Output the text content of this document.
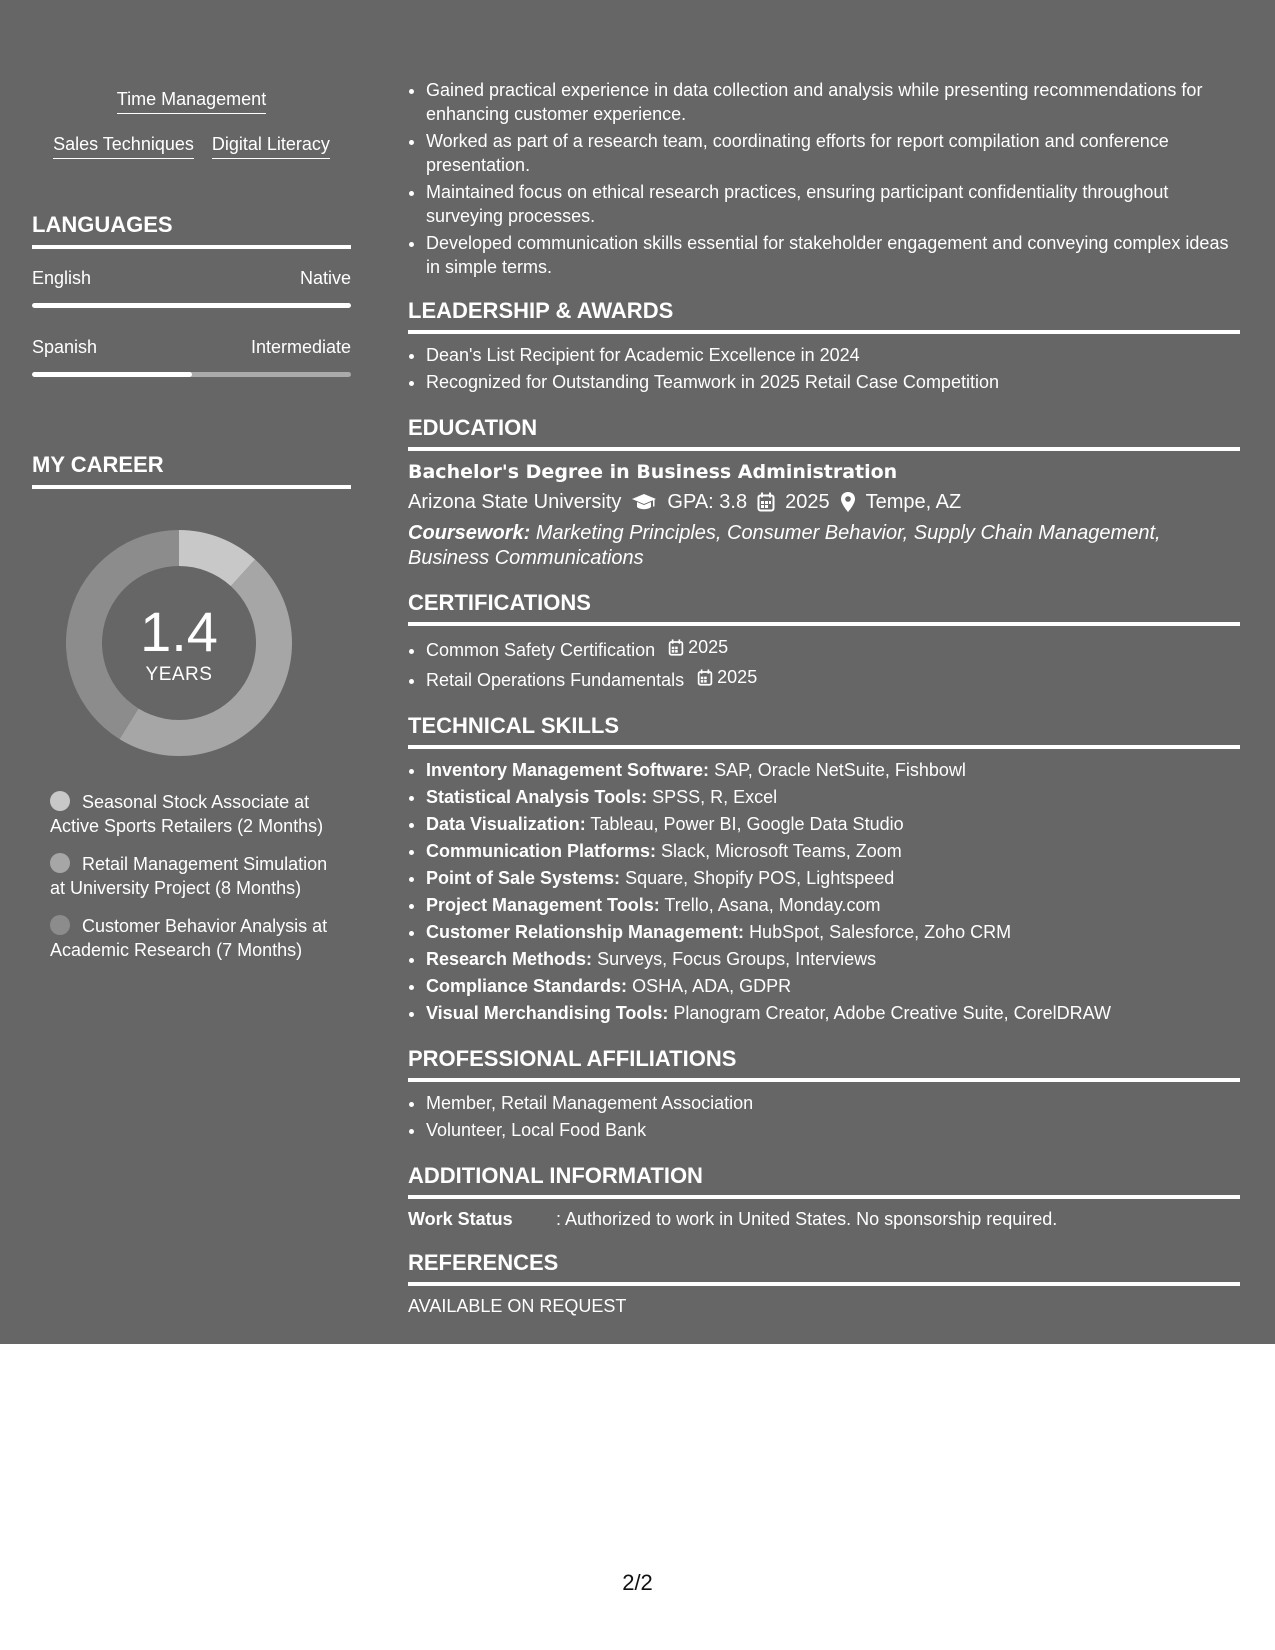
Time Management
Sales Techniques Digital Literacy
LANGUAGES
English	Native
Spanish	Intermediate
MY CAREER
1.4
YEARS
Seasonal Stock Associate at Active Sports Retailers (2 Months)
Retail Management Simulation at University Project (8 Months)
Customer Behavior Analysis at Academic Research (7 Months)
• Gained practical experience in data collection and analysis while presenting recommendations for enhancing customer experience.
• Worked as part of a research team, coordinating efforts for report compilation and conference presentation.
• Maintained focus on ethical research practices, ensuring participant confidentiality throughout surveying processes.
• Developed communication skills essential for stakeholder engagement and conveying complex ideas in simple terms.
LEADERSHIP & AWARDS
• Dean's List Recipient for Academic Excellence in 2024
• Recognized for Outstanding Teamwork in 2025 Retail Case Competition
EDUCATION
Bachelor's Degree in Business Administration
Arizona State University GPA: 3.8 2025 Tempe, AZ
Coursework: Marketing Principles, Consumer Behavior, Supply Chain Management, Business Communications
CERTIFICATIONS
• Common Safety Certification 2025
• Retail Operations Fundamentals 2025
TECHNICAL SKILLS
• Inventory Management Software: SAP, Oracle NetSuite, Fishbowl
• Statistical Analysis Tools: SPSS, R, Excel
• Data Visualization: Tableau, Power BI, Google Data Studio
• Communication Platforms: Slack, Microsoft Teams, Zoom
• Point of Sale Systems: Square, Shopify POS, Lightspeed
• Project Management Tools: Trello, Asana, Monday.com
• Customer Relationship Management: HubSpot, Salesforce, Zoho CRM
• Research Methods: Surveys, Focus Groups, Interviews
• Compliance Standards: OSHA, ADA, GDPR
• Visual Merchandising Tools: Planogram Creator, Adobe Creative Suite, CorelDRAW
PROFESSIONAL AFFILIATIONS
• Member, Retail Management Association
• Volunteer, Local Food Bank
ADDITIONAL INFORMATION
Work Status	: Authorized to work in United States. No sponsorship required.
REFERENCES
AVAILABLE ON REQUEST
2/2
